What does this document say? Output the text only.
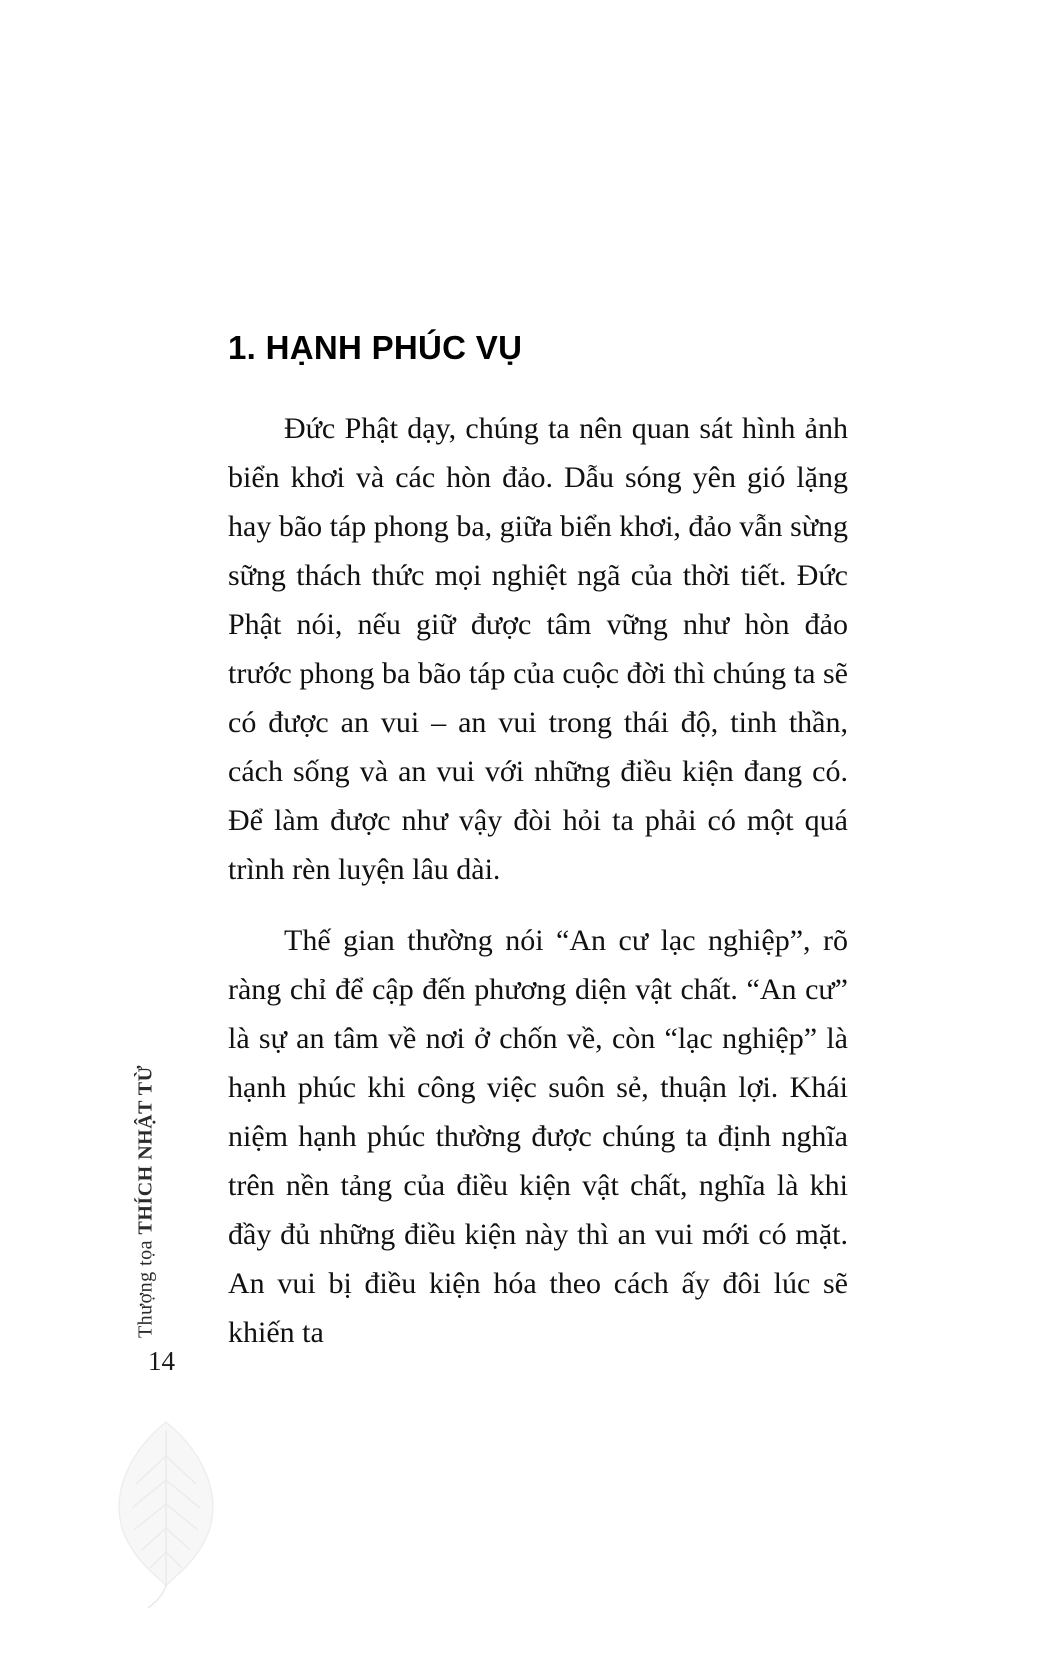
Thượng tọa THÍCH NHẬT TỪ
14
1. HẠNH PHÚC VỤ

Đức Phật dạy, chúng ta nên quan sát hình ảnh biển khơi và các hòn đảo. Dẫu sóng yên gió lặng hay bão táp phong ba, giữa biển khơi, đảo vẫn sừng sững thách thức mọi nghiệt ngã của thời tiết. Đức Phật nói, nếu giữ được tâm vững như hòn đảo trước phong ba bão táp của cuộc đời thì chúng ta sẽ có được an vui – an vui trong thái độ, tinh thần, cách sống và an vui với những điều kiện đang có. Để làm được như vậy đòi hỏi ta phải có một quá trình rèn luyện lâu dài.

Thế gian thường nói “An cư lạc nghiệp”, rõ ràng chỉ để cập đến phương diện vật chất. “An cư” là sự an tâm về nơi ở chốn về, còn “lạc nghiệp” là hạnh phúc khi công việc suôn sẻ, thuận lợi. Khái niệm hạnh phúc thường được chúng ta định nghĩa trên nền tảng của điều kiện vật chất, nghĩa là khi đầy đủ những điều kiện này thì an vui mới có mặt. An vui bị điều kiện hóa theo cách ấy đôi lúc sẽ khiến ta
